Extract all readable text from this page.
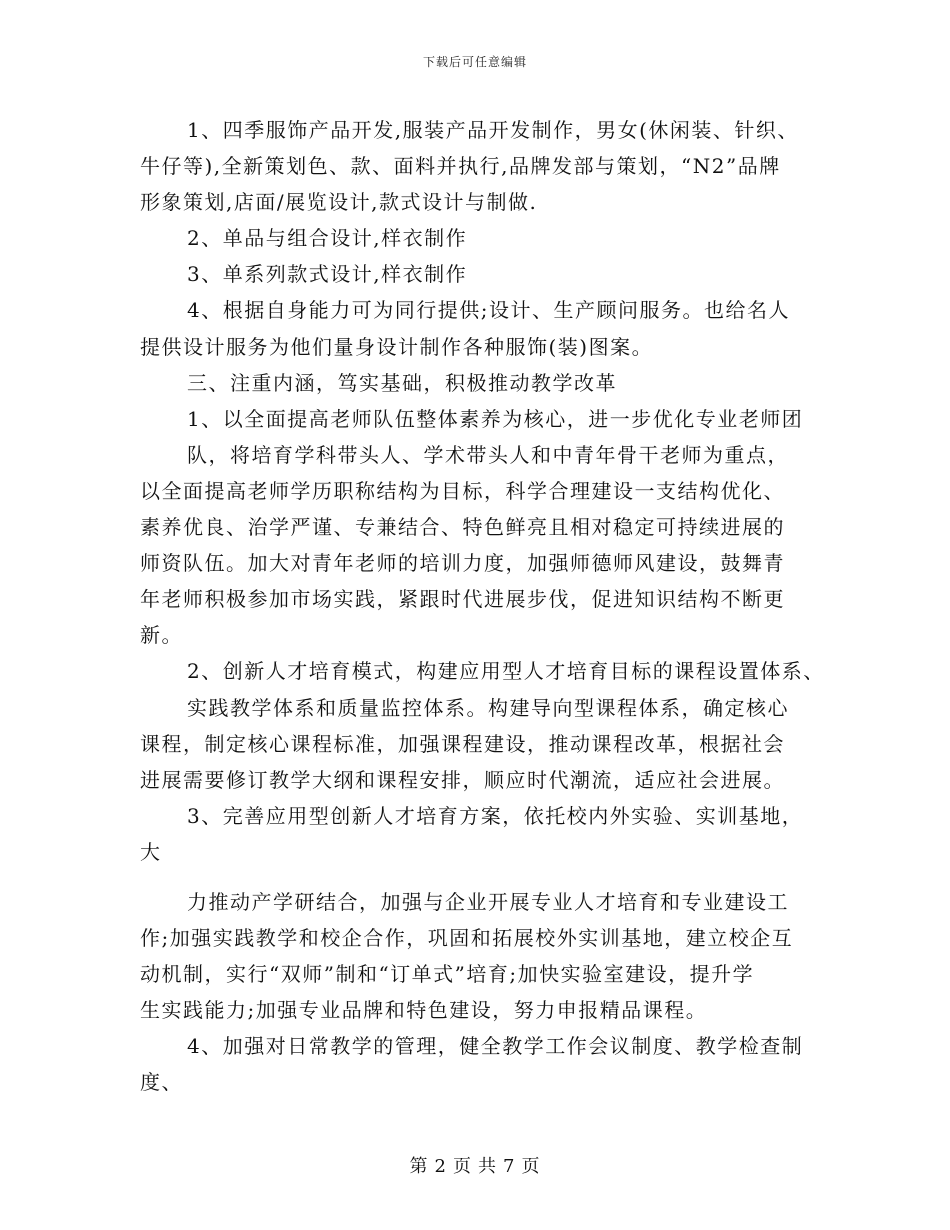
下载后可任意编辑
1、四季服饰产品开发,服装产品开发制作，男女(休闲装、针织、
牛仔等),全新策划色、款、面料并执行,品牌发部与策划，“N2”品牌
形象策划,店面/展览设计,款式设计与制做.
2、单品与组合设计,样衣制作
3、单系列款式设计,样衣制作
4、根据自身能力可为同行提供;设计、生产顾问服务。也给名人
提供设计服务为他们量身设计制作各种服饰(装)图案。
三、注重内涵，笃实基础，积极推动教学改革
1、以全面提高老师队伍整体素养为核心，进一步优化专业老师团
队，将培育学科带头人、学术带头人和中青年骨干老师为重点，
以全面提高老师学历职称结构为目标，科学合理建设一支结构优化、
素养优良、治学严谨、专兼结合、特色鲜亮且相对稳定可持续进展的
师资队伍。加大对青年老师的培训力度，加强师德师风建设，鼓舞青
年老师积极参加市场实践，紧跟时代进展步伐，促进知识结构不断更
新。
2、创新人才培育模式，构建应用型人才培育目标的课程设置体系、
实践教学体系和质量监控体系。构建导向型课程体系，确定核心
课程，制定核心课程标准，加强课程建设，推动课程改革，根据社会
进展需要修订教学大纲和课程安排，顺应时代潮流，适应社会进展。
3、完善应用型创新人才培育方案，依托校内外实验、实训基地，
大
力推动产学研结合，加强与企业开展专业人才培育和专业建设工
作;加强实践教学和校企合作，巩固和拓展校外实训基地，建立校企互
动机制，实行“双师”制和“订单式”培育;加快实验室建设，提升学
生实践能力;加强专业品牌和特色建设，努力申报精品课程。
4、加强对日常教学的管理，健全教学工作会议制度、教学检查制
度、
第 2 页 共 7 页
